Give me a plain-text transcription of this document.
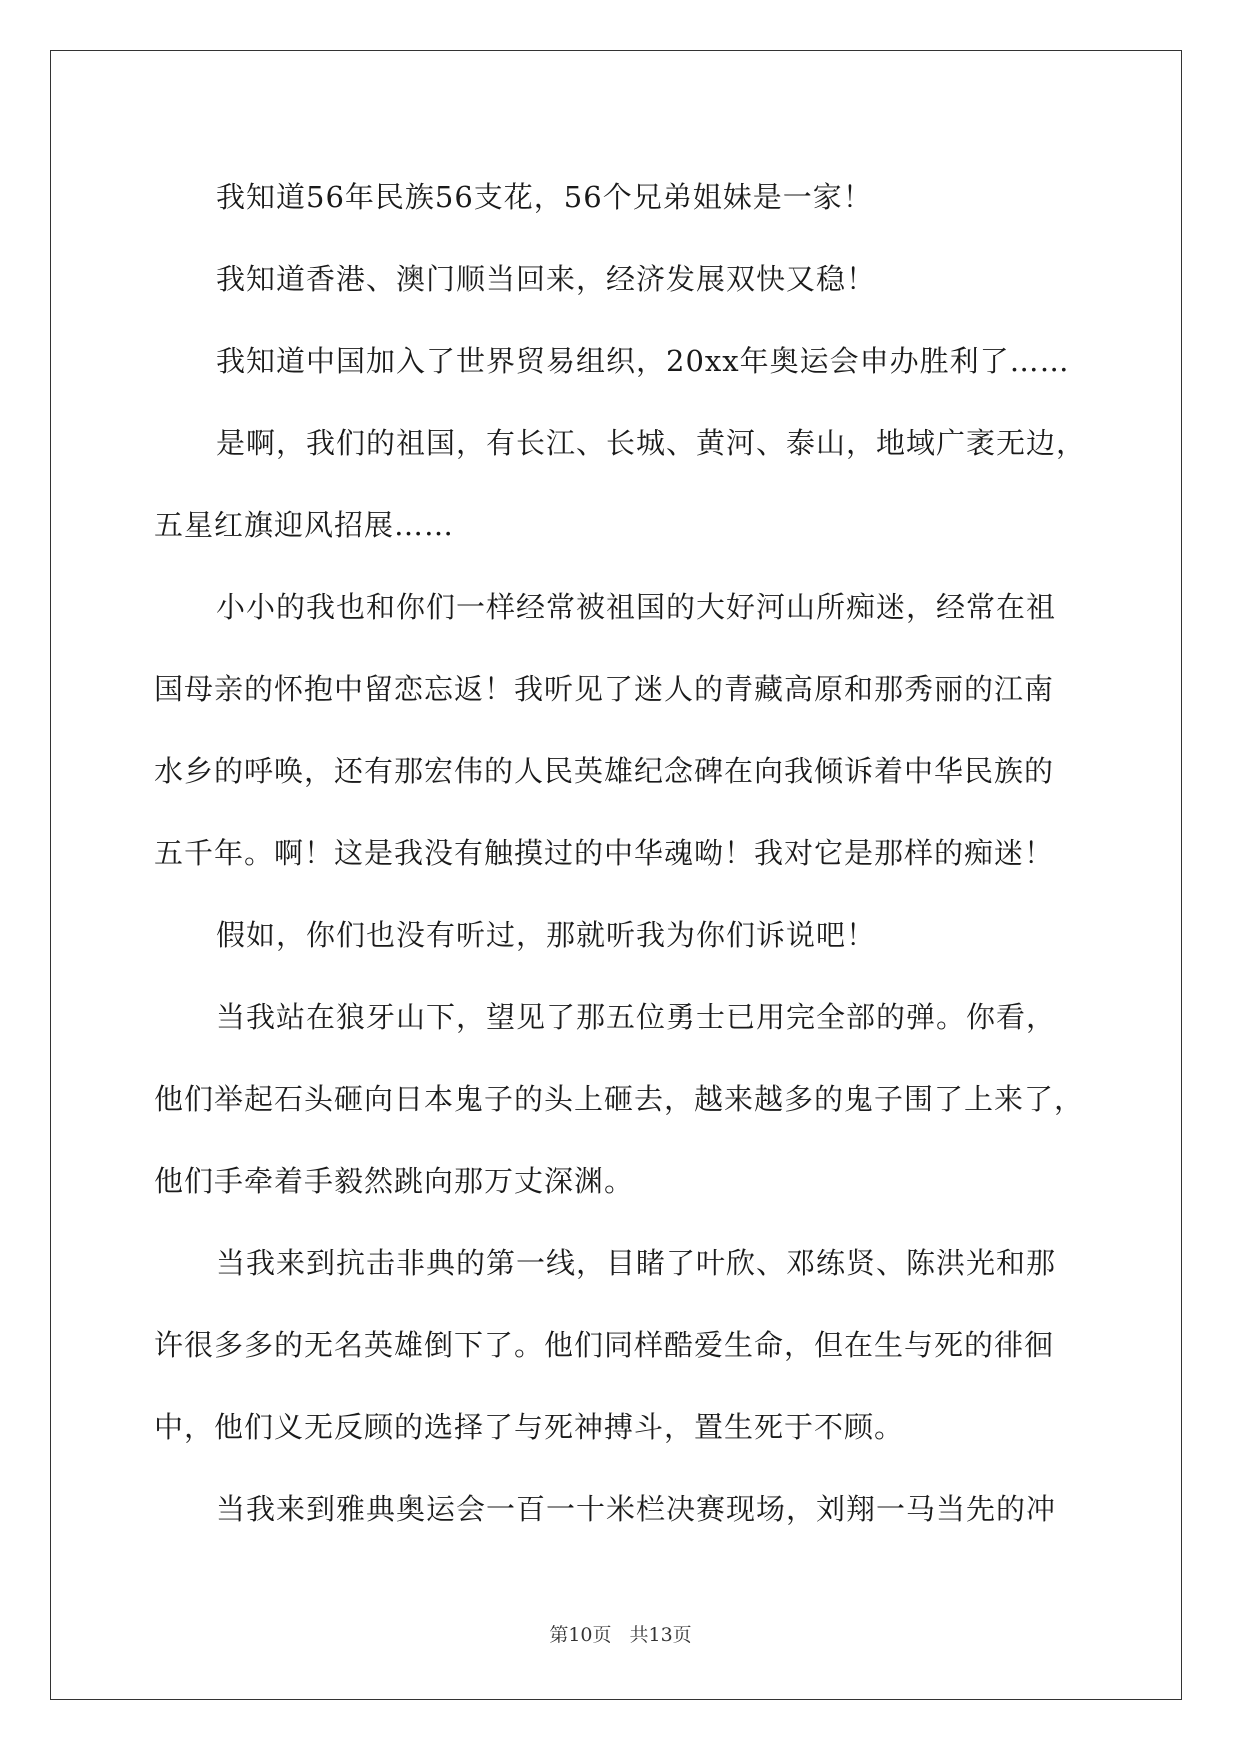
我知道56年民族56支花，56个兄弟姐妹是一家！
我知道香港、澳门顺当回来，经济发展双快又稳！
我知道中国加入了世界贸易组织，20xx年奥运会申办胜利了……
是啊，我们的祖国，有长江、长城、黄河、泰山，地域广袤无边，
五星红旗迎风招展……
小小的我也和你们一样经常被祖国的大好河山所痴迷，经常在祖
国母亲的怀抱中留恋忘返！我听见了迷人的青藏高原和那秀丽的江南
水乡的呼唤，还有那宏伟的人民英雄纪念碑在向我倾诉着中华民族的
五千年。啊！这是我没有触摸过的中华魂呦！我对它是那样的痴迷！
假如，你们也没有听过，那就听我为你们诉说吧！
当我站在狼牙山下，望见了那五位勇士已用完全部的弹。你看，
他们举起石头砸向日本鬼子的头上砸去，越来越多的鬼子围了上来了，
他们手牵着手毅然跳向那万丈深渊。
当我来到抗击非典的第一线，目睹了叶欣、邓练贤、陈洪光和那
许很多多的无名英雄倒下了。他们同样酷爱生命，但在生与死的徘徊
中，他们义无反顾的选择了与死神搏斗，置生死于不顾。
当我来到雅典奥运会一百一十米栏决赛现场，刘翔一马当先的冲
第10页 共13页
